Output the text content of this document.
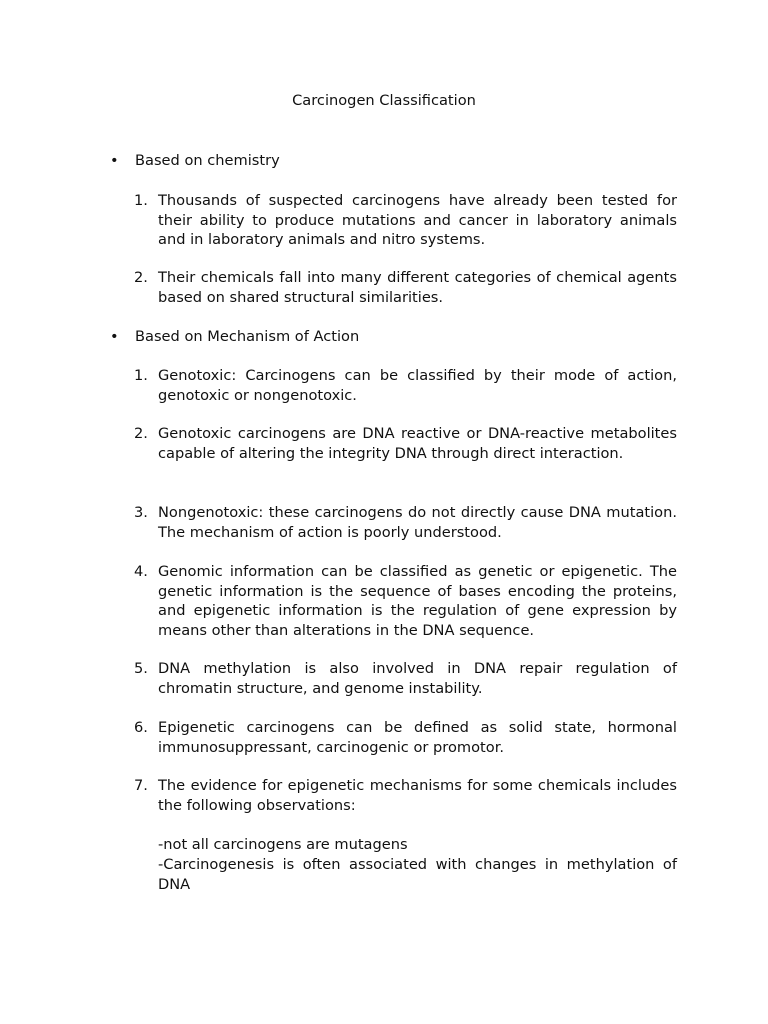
Carcinogen Classification
• Based on chemistry
1. Thousands of suspected carcinogens have already been tested for their ability to produce mutations and cancer in laboratory animals and in laboratory animals and nitro systems.
2. Their chemicals fall into many different categories of chemical agents based on shared structural similarities.
• Based on Mechanism of Action
1. Genotoxic: Carcinogens can be classified by their mode of action, genotoxic or nongenotoxic.
2. Genotoxic carcinogens are DNA reactive or DNA-reactive metabolites capable of altering the integrity DNA through direct interaction.
3. Nongenotoxic: these carcinogens do not directly cause DNA mutation. The mechanism of action is poorly understood.
4. Genomic information can be classified as genetic or epigenetic. The genetic information is the sequence of bases encoding the proteins, and epigenetic information is the regulation of gene expression by means other than alterations in the DNA sequence.
5. DNA methylation is also involved in DNA repair regulation of chromatin structure, and genome instability.
6. Epigenetic carcinogens can be defined as solid state, hormonal immunosuppressant, carcinogenic or promotor.
7. The evidence for epigenetic mechanisms for some chemicals includes the following observations:
-not all carcinogens are mutagens
-Carcinogenesis is often associated with changes in methylation of DNA
